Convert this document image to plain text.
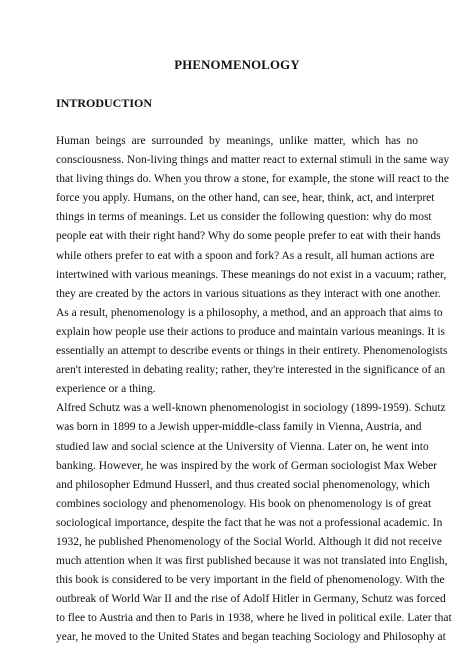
PHENOMENOLOGY
INTRODUCTION

Human beings are surrounded by meanings, unlike matter, which has no
consciousness. Non-living things and matter react to external stimuli in the same way
that living things do. When you throw a stone, for example, the stone will react to the
force you apply. Humans, on the other hand, can see, hear, think, act, and interpret
things in terms of meanings. Let us consider the following question: why do most
people eat with their right hand? Why do some people prefer to eat with their hands
while others prefer to eat with a spoon and fork? As a result, all human actions are
intertwined with various meanings. These meanings do not exist in a vacuum; rather,
they are created by the actors in various situations as they interact with one another.
As a result, phenomenology is a philosophy, a method, and an approach that aims to
explain how people use their actions to produce and maintain various meanings. It is
essentially an attempt to describe events or things in their entirety. Phenomenologists
aren't interested in debating reality; rather, they're interested in the significance of an
experience or a thing.

Alfred Schutz was a well-known phenomenologist in sociology (1899-1959). Schutz
was born in 1899 to a Jewish upper-middle-class family in Vienna, Austria, and
studied law and social science at the University of Vienna. Later on, he went into
banking. However, he was inspired by the work of German sociologist Max Weber
and philosopher Edmund Husserl, and thus created social phenomenology, which
combines sociology and phenomenology. His book on phenomenology is of great
sociological importance, despite the fact that he was not a professional academic. In
1932, he published Phenomenology of the Social World. Although it did not receive
much attention when it was first published because it was not translated into English,
this book is considered to be very important in the field of phenomenology. With the
outbreak of World War II and the rise of Adolf Hitler in Germany, Schutz was forced
to flee to Austria and then to Paris in 1938, where he lived in political exile. Later that
year, he moved to the United States and began teaching Sociology and Philosophy at
